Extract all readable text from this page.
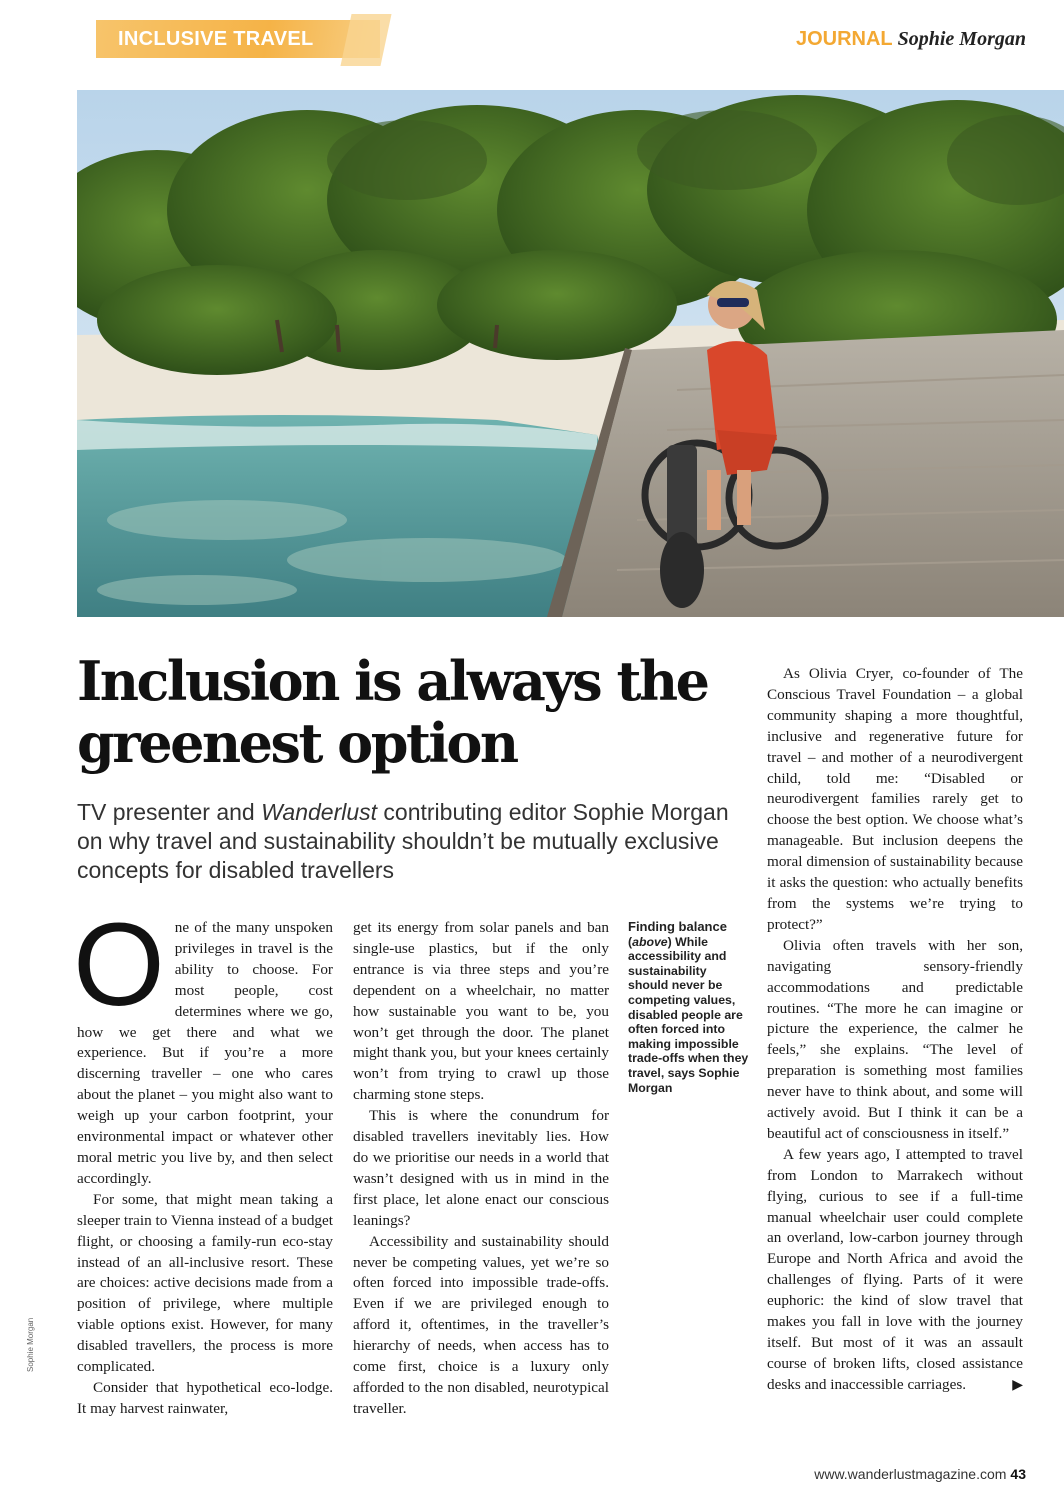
INCLUSIVE TRAVEL	JOURNAL Sophie Morgan
Inclusion is always the greenest option
TV presenter and Wanderlust contributing editor Sophie Morgan on why travel and sustainability shouldn’t be mutually exclusive concepts for disabled travellers

One of the many unspoken privileges in travel is the ability to choose. For most people, cost determines where we go, how we get there and what we experience. But if you’re a more discerning traveller – one who cares about the planet – you might also want to weigh up your carbon footprint, your environmental impact or whatever other moral metric you live by, and then select accordingly.

For some, that might mean taking a sleeper train to Vienna instead of a budget flight, or choosing a family-run eco-stay instead of an all-inclusive resort. These are choices: active decisions made from a position of privilege, where multiple viable options exist. However, for many disabled travellers, the process is more complicated.

Consider that hypothetical eco-lodge. It may harvest rainwater,

get its energy from solar panels and ban single-use plastics, but if the only entrance is via three steps and you’re dependent on a wheelchair, no matter how sustainable you want to be, you won’t get through the door. The planet might thank you, but your knees certainly won’t from trying to crawl up those charming stone steps.

This is where the conundrum for disabled travellers inevitably lies. How do we prioritise our needs in a world that wasn’t designed with us in mind in the first place, let alone enact our conscious leanings?

Accessibility and sustainability should never be competing values, yet we’re so often forced into impossible trade-offs. Even if we are privileged enough to afford it, oftentimes, in the traveller’s hierarchy of needs, when access has to come first, choice is a luxury only afforded to the non disabled, neurotypical traveller.

Finding balance
(above) While accessibility and sustainability should never be competing values, disabled people are often forced into making impossible trade-offs when they travel, says Sophie Morgan

As Olivia Cryer, co-founder of The Conscious Travel Foundation – a global community shaping a more thoughtful, inclusive and regenerative future for travel – and mother of a neurodivergent child, told me: “Disabled or neurodivergent families rarely get to choose the best option. We choose what’s manageable. But inclusion deepens the moral dimension of sustainability because it asks the question: who actually benefits from the systems we’re trying to protect?”

Olivia often travels with her son, navigating sensory-friendly accommodations and predictable routines. “The more he can imagine or picture the experience, the calmer he feels,” she explains. “The level of preparation is something most families never have to think about, and some will actively avoid. But I think it can be a beautiful act of consciousness in itself.”

A few years ago, I attempted to travel from London to Marrakech without flying, curious to see if a full-time manual wheelchair user could complete an overland, low-carbon journey through Europe and North Africa and avoid the challenges of flying. Parts of it were euphoric: the kind of slow travel that makes you fall in love with the journey itself. But most of it was an assault course of broken lifts, closed assistance desks and inaccessible carriages.	▶

Sophie Morgan
www.wanderlustmagazine.com 43
